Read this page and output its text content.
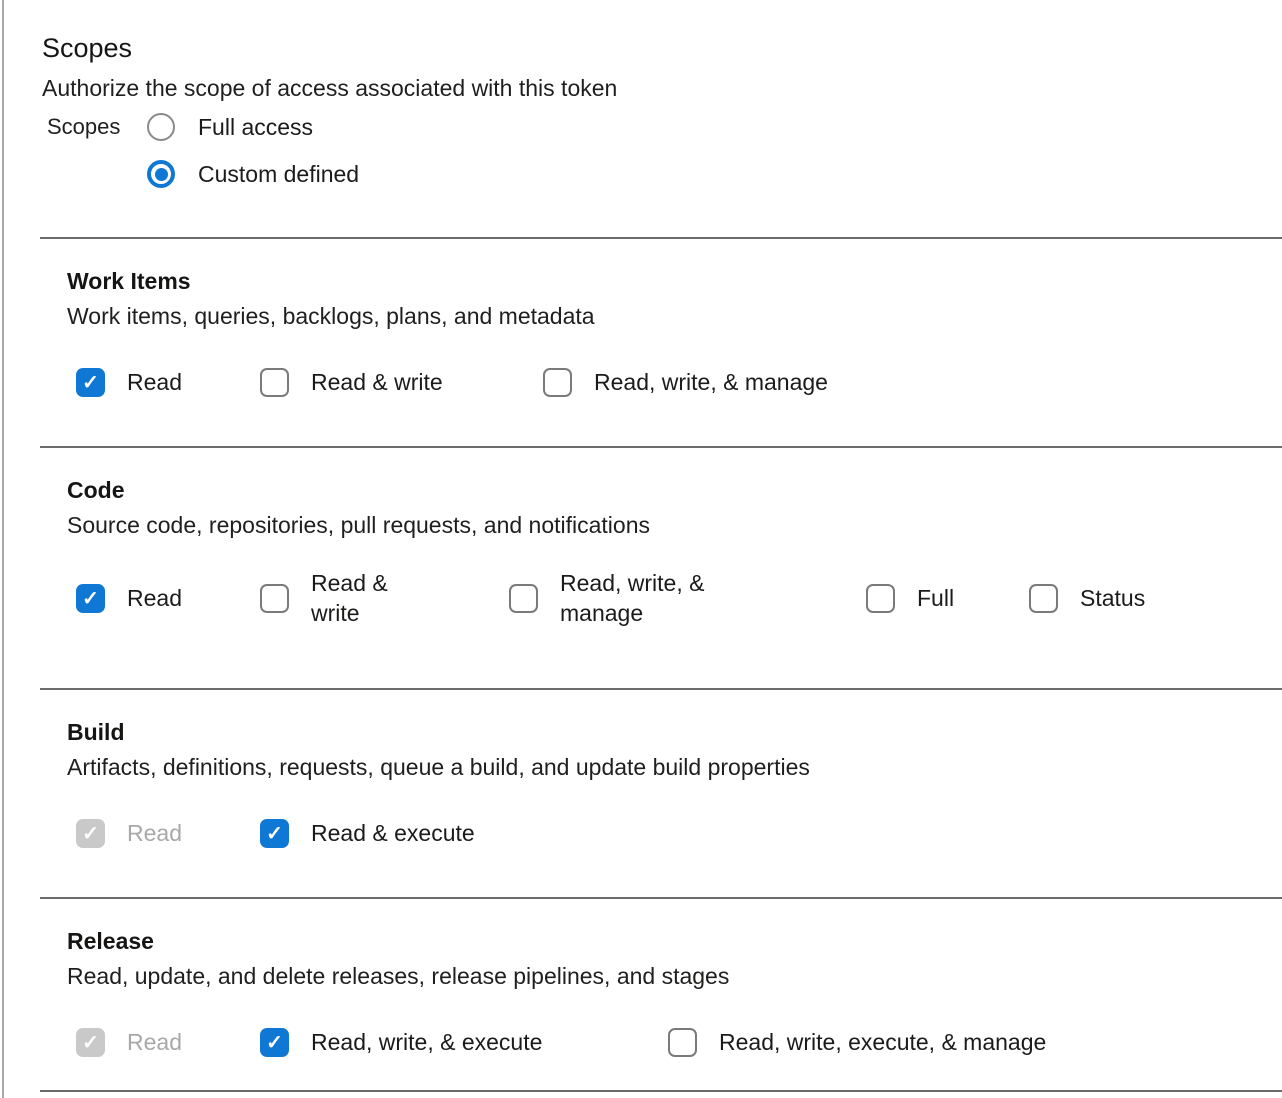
Scopes
Authorize the scope of access associated with this token
Scopes	Full access
Custom defined
Work Items
Work items, queries, backlogs, plans, and metadata
✓ Read	Read & write	Read, write, & manage
Code
Source code, repositories, pull requests, and notifications
✓ Read
Read & write
Read, write, & manage
Full	Status
Build
Artifacts, definitions, requests, queue a build, and update build properties
✓ Read	✓ Read & execute
Release
Read, update, and delete releases, release pipelines, and stages
✓ Read	✓ Read, write, & execute	Read, write, execute, & manage
